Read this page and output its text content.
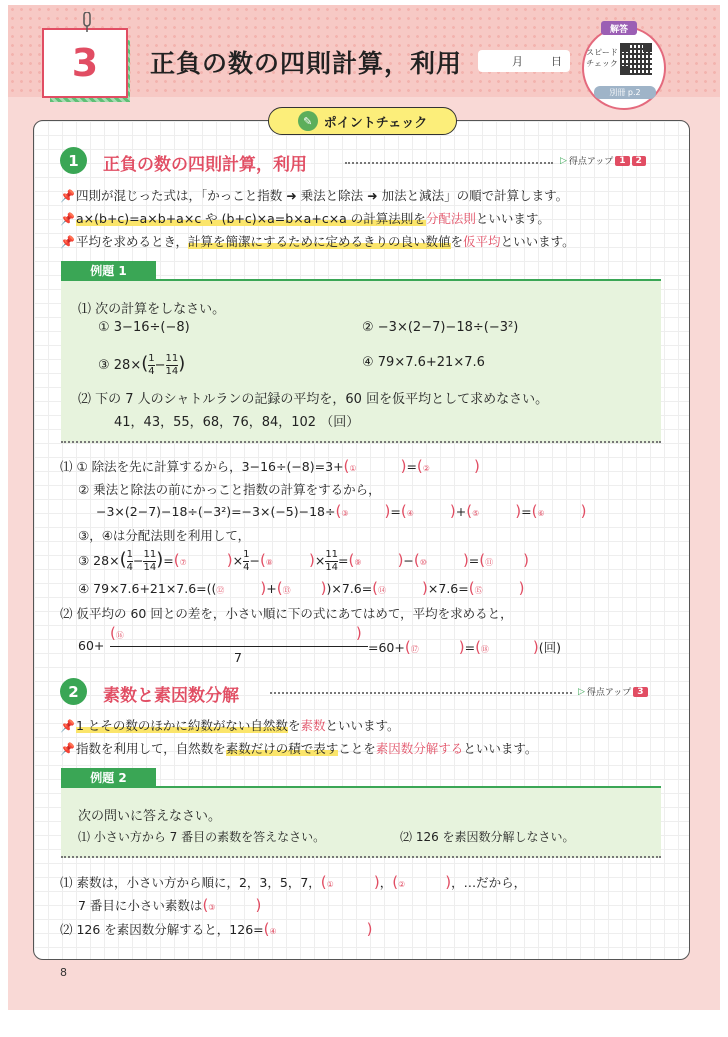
3 正負の数の四則計算，利用	月	日
解答
スピード
チェック
別冊 p.2
✎ ポイントチェック
1	正負の数の四則計算，利用	▷ 得点アップ 1	2
📌四則が混じった式は，「かっこと指数 ➜ 乗法と除法 ➜ 加法と減法」の順で計算します。
📌a×(b+c)=a×b+a×c や (b+c)×a=b×a+c×a の計算法則を分配法則といいます。
📌平均を求めるとき，計算を簡潔にするために定めるきりの良い数値を仮平均といいます。
例題 1
⑴ 次の計算をしなさい。
① 3−16÷(−8)	② −3×(2−7)−18÷(−3²)
③ $28\times( \frac{1}{4} - \frac{11}{14}$ )	④ 79×7.6+21×7.6
⑵ 下の 7 人のシャトルランの記録の平均を，60 回を仮平均として求めなさい。
41，43，55，68，76，84，102 （回）
⑴ ① 除法を先に計算するから，3−16÷(−8)=3+(①	)=(②	)
② 乗法と除法の前にかっこと指数の計算をするから，
−3×(2−7)−18÷(−3²)=−3×(−5)−18÷(③ )=(④ )+(⑤ )=(⑥ )
③，④は分配法則を利用して，
③ $28\times( \frac{1}{4} - \frac{11}{14}$ )=(⑦	)× $\frac{1}{4}$ −(⑧ )× $\frac{11}{14}$ =(⑨ )−(⑩ )=(⑪ )
④ 79×7.6+21×7.6=((⑫ )+(⑬ ))×7.6=(⑭ )×7.6=(⑮ )
⑵ 仮平均の 60 回との差を，小さい順に下の式にあてはめて，平均を求めると，
60+
(⑯	)
7
=60+(⑰	)=(⑱	)(回)
2	素数と素因数分解	▷ 得点アップ 3
📌1 とその数のほかに約数がない自然数を素数といいます。
📌指数を利用して，自然数を素数だけの積で表すことを素因数分解するといいます。
例題 2
次の問いに答えなさい。
⑴ 小さい方から 7 番目の素数を答えなさい。	⑵ 126 を素因数分解しなさい。
⑴ 素数は，小さい方から順に，2，3，5，7，(①	)，(②	)，…だから，
7 番目に小さい素数は(③	)
⑵ 126 を素因数分解すると，126=(④	)
8
